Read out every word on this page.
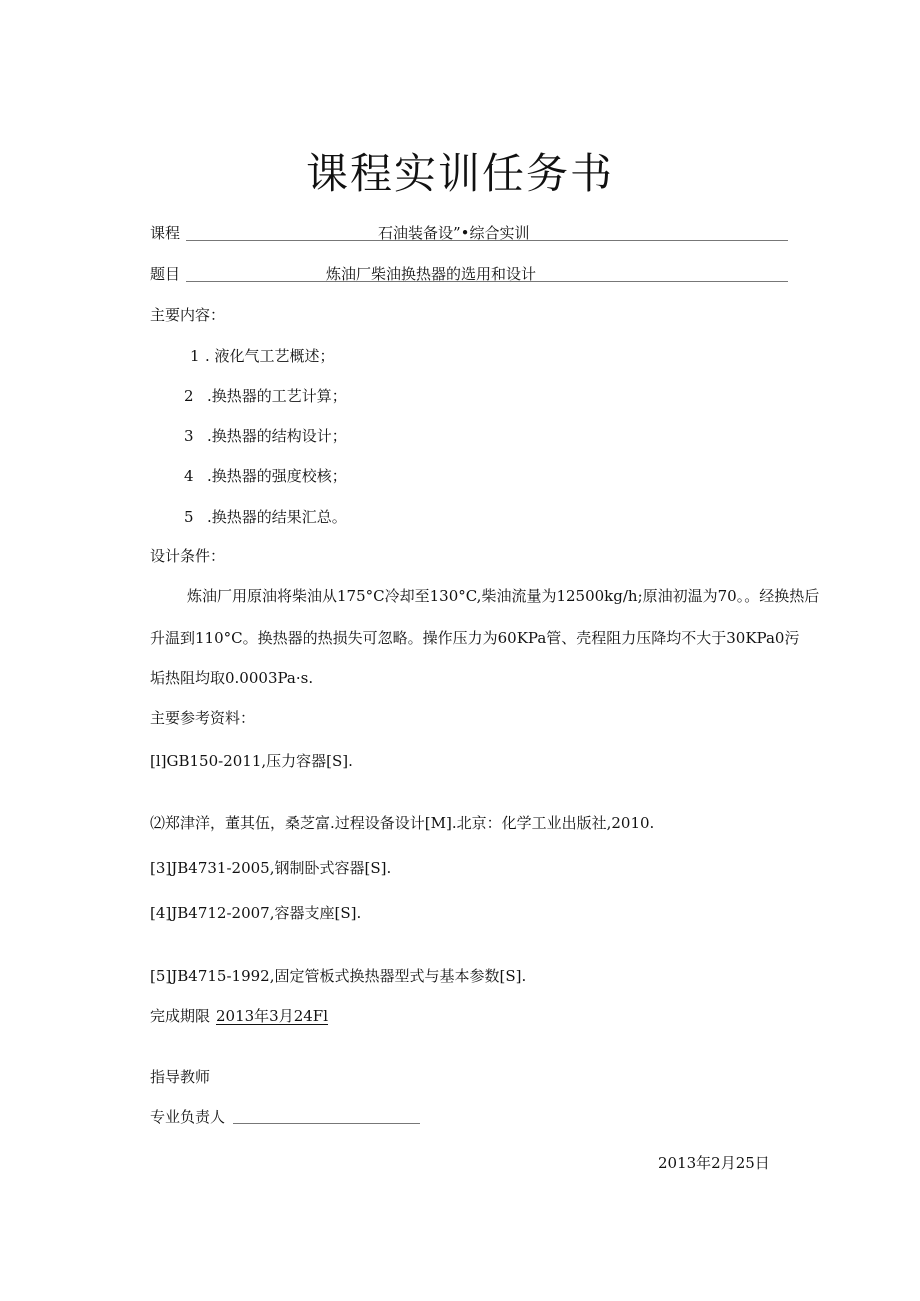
课程实训任务书
课程	石油装备设”•综合实训
题目	炼油厂柴油换热器的选用和设计
主要内容：
1 . 液化气工艺概述；
2 .换热器的工艺计算；
3 .换热器的结构设计；
4 .换热器的强度校核；
5 .换热器的结果汇总。
设计条件：
炼油厂用原油将柴油从175°C冷却至130°C,柴油流量为12500kg/h;原油初温为70。。经换热后
升温到110°C。换热器的热损失可忽略。操作压力为60KPa管、壳程阻力压降均不大于30KPa0污
垢热阻均取0.0003Pa·s.
主要参考资料：
[l]GB150-2011,压力容器[S].
⑵郑津洋，董其伍，桑芝富.过程设备设计[M].北京：化学工业出版社,2010.
[3]JB4731-2005,钢制卧式容器[S].
[4]JB4712-2007,容器支座[S].
[5]JB4715-1992,固定管板式换热器型式与基本参数[S].
完成期限 2013年3月24Fl
指导教师
专业负责人
2013年2月25日
